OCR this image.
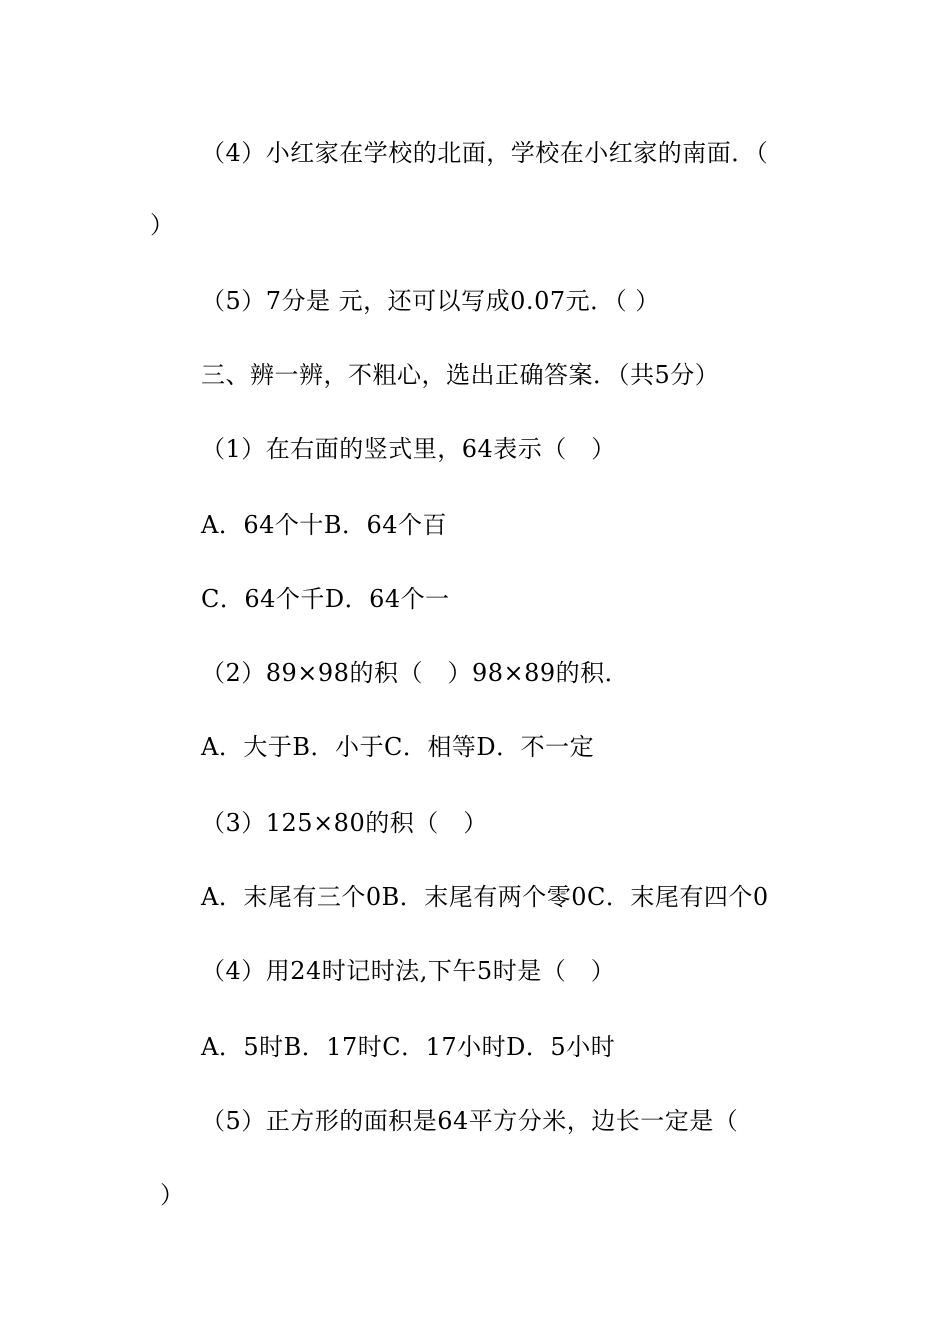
（4）小红家在学校的北面，学校在小红家的南面．（
）
（5）7分是 元，还可以写成0.07元．（ ）
三、辨一辨，不粗心，选出正确答案．（共5分）
（1）在右面的竖式里，64表示（　）
A．64个十B．64个百
C．64个千D．64个一
（2）89×98的积（　）98×89的积．
A．大于B．小于C．相等D．不一定
（3）125×80的积（　）
A．末尾有三个0B．末尾有两个零0C．末尾有四个0
（4）用24时记时法,下午5时是（　）
A．5时B．17时C．17小时D．5小时
（5）正方形的面积是64平方分米，边长一定是（
）
